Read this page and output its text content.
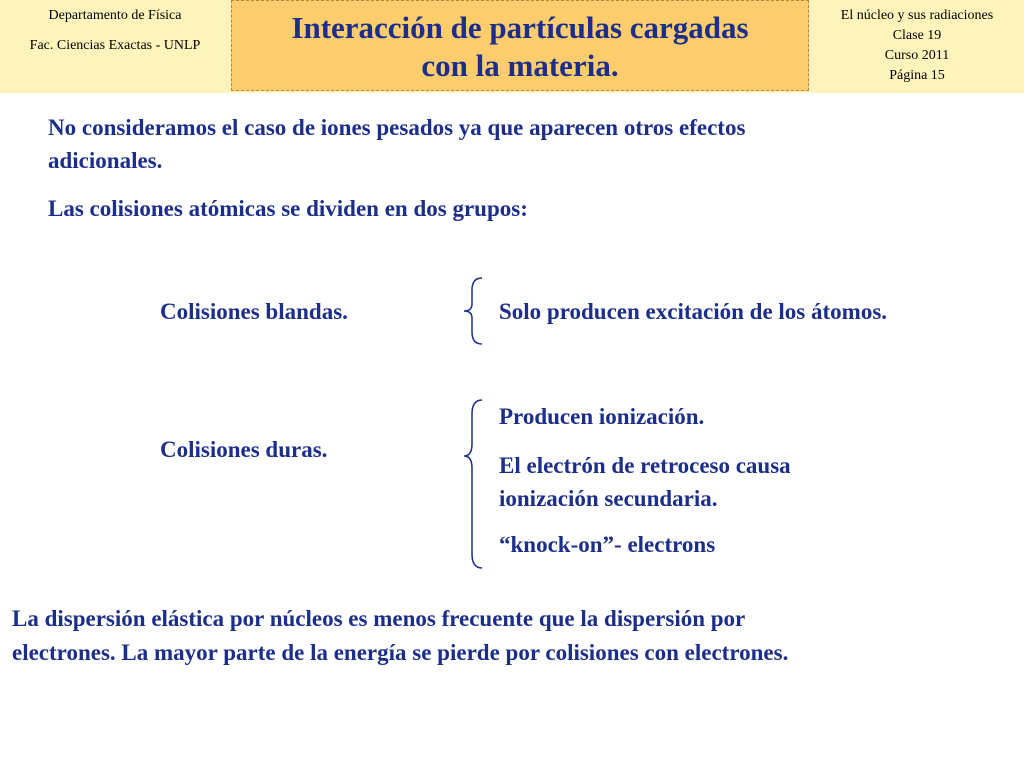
Departamento de Física
Fac. Ciencias Exactas - UNLP
Interacción de partículas cargadas
con la materia.
El núcleo y sus radiaciones
Clase 19
Curso 2011
Página 15
No consideramos el caso de iones pesados ya que aparecen otros efectos
adicionales.
Las colisiones atómicas se dividen en dos grupos:
Colisiones blandas.	Solo producen excitación de los átomos.
Colisiones duras.
Producen ionización.
El electrón de retroceso causa
ionización secundaria.
“knock-on”- electrons
La dispersión elástica por núcleos es menos frecuente que la dispersión por
electrones. La mayor parte de la energía se pierde por colisiones con electrones.
